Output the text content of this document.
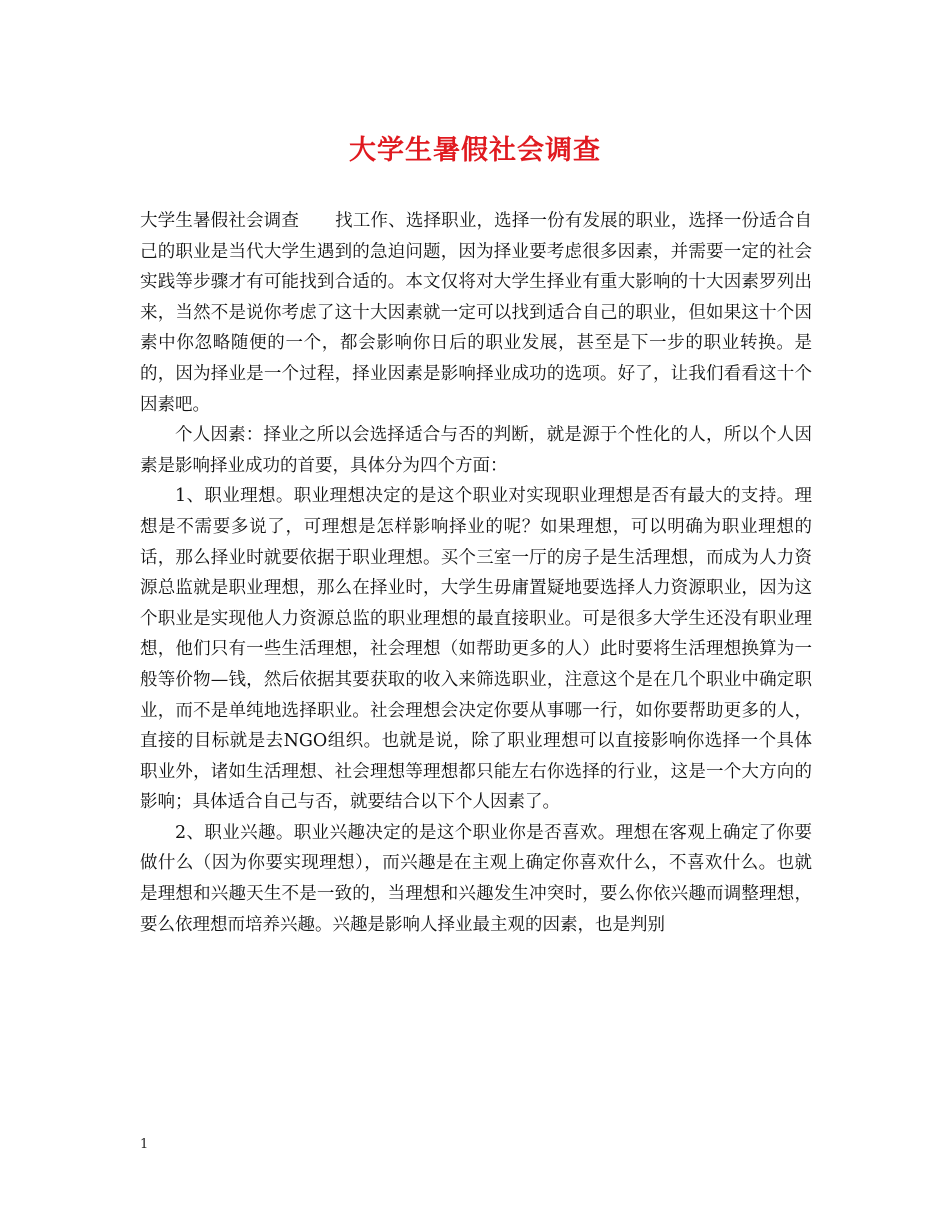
大学生暑假社会调查

大学生暑假社会调查 找工作、选择职业，选择一份有发展的职业，选择一份适合自己的职业是当代大学生遇到的急迫问题，因为择业要考虑很多因素，并需要一定的社会实践等步骤才有可能找到合适的。本文仅将对大学生择业有重大影响的十大因素罗列出来，当然不是说你考虑了这十大因素就一定可以找到适合自己的职业，但如果这十个因素中你忽略随便的一个，都会影响你日后的职业发展，甚至是下一步的职业转换。是的，因为择业是一个过程，择业因素是影响择业成功的选项。好了，让我们看看这十个因素吧。

个人因素：择业之所以会选择适合与否的判断，就是源于个性化的人，所以个人因素是影响择业成功的首要，具体分为四个方面：

1、职业理想。职业理想决定的是这个职业对实现职业理想是否有最大的支持。理想是不需要多说了，可理想是怎样影响择业的呢？如果理想，可以明确为职业理想的话，那么择业时就要依据于职业理想。买个三室一厅的房子是生活理想，而成为人力资源总监就是职业理想，那么在择业时，大学生毋庸置疑地要选择人力资源职业，因为这个职业是实现他人力资源总监的职业理想的最直接职业。可是很多大学生还没有职业理想，他们只有一些生活理想，社会理想（如帮助更多的人）此时要将生活理想换算为一般等价物—钱，然后依据其要获取的收入来筛选职业，注意这个是在几个职业中确定职业，而不是单纯地选择职业。社会理想会决定你要从事哪一行，如你要帮助更多的人，直接的目标就是去NGO组织。也就是说，除了职业理想可以直接影响你选择一个具体职业外，诸如生活理想、社会理想等理想都只能左右你选择的行业，这是一个大方向的影响；具体适合自己与否，就要结合以下个人因素了。

2、职业兴趣。职业兴趣决定的是这个职业你是否喜欢。理想在客观上确定了你要做什么（因为你要实现理想），而兴趣是在主观上确定你喜欢什么，不喜欢什么。也就是理想和兴趣天生不是一致的，当理想和兴趣发生冲突时，要么你依兴趣而调整理想，要么依理想而培养兴趣。兴趣是影响人择业最主观的因素，也是判别

1
